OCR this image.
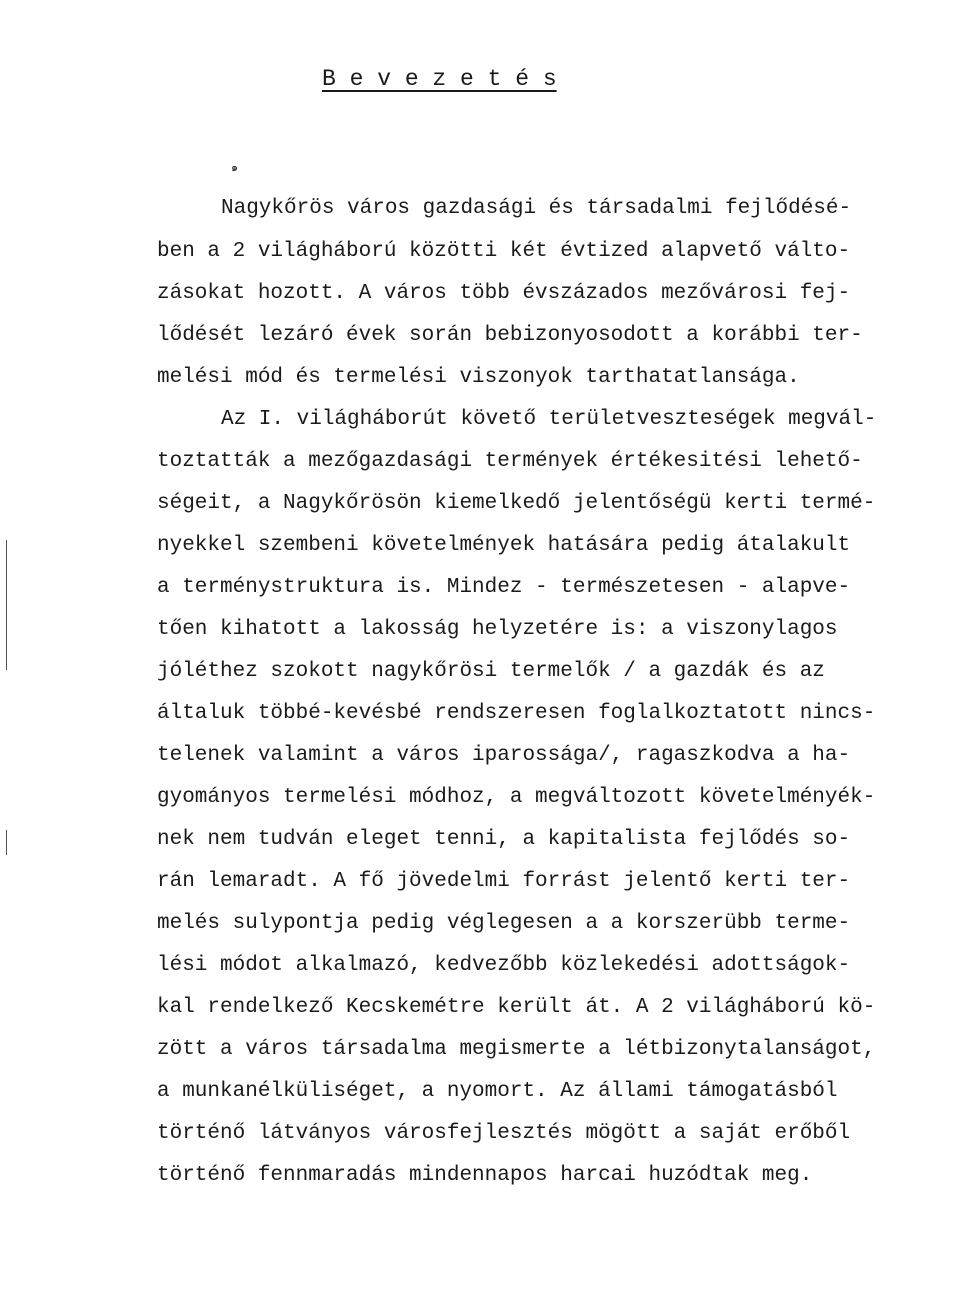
B e v e z e t é s
๑
Nagykőrös város gazdasági és társadalmi fejlődésé-
ben a 2 világháború közötti két évtized alapvető válto-
zásokat hozott. A város több évszázados mezővárosi fej-
lődését lezáró évek során bebizonyosodott a korábbi ter-
melési mód és termelési viszonyok tarthatatlansága.
Az I. világháborút követő területveszteségek megvál-
toztatták a mezőgazdasági termények értékesitési lehető-
ségeit, a Nagykőrösön kiemelkedő jelentőségü kerti termé-
nyekkel szembeni követelmények hatására pedig átalakult
a terménystruktura is. Mindez - természetesen - alapve-
tően kihatott a lakosság helyzetére is: a viszonylagos
jóléthez szokott nagykőrösi termelők / a gazdák és az
általuk többé-kevésbé rendszeresen foglalkoztatott nincs-
telenek valamint a város iparossága/, ragaszkodva a ha-
gyományos termelési módhoz, a megváltozott követelményék-
nek nem tudván eleget tenni, a kapitalista fejlődés so-
rán lemaradt. A fő jövedelmi forrást jelentő kerti ter-
melés sulypontja pedig véglegesen a a korszerübb terme-
lési módot alkalmazó, kedvezőbb közlekedési adottságok-
kal rendelkező Kecskemétre került át. A 2 világháború kö-
zött a város társadalma megismerte a létbizonytalanságot,
a munkanélküliséget, a nyomort. Az állami támogatásból
történő látványos városfejlesztés mögött a saját erőből
történő fennmaradás mindennapos harcai huzódtak meg.
